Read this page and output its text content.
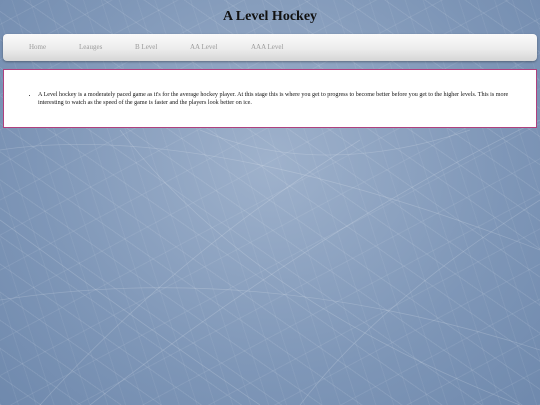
A Level Hockey
Home	Leauges	B Level	AA Level	AAA Level
• A Level hockey is a moderately paced game as it's for the average hockey player. At this stage this is where you get to progress to become better before you get to the higher levels. This is more interesting to watch as the speed of the game is faster and the players look better on ice.
